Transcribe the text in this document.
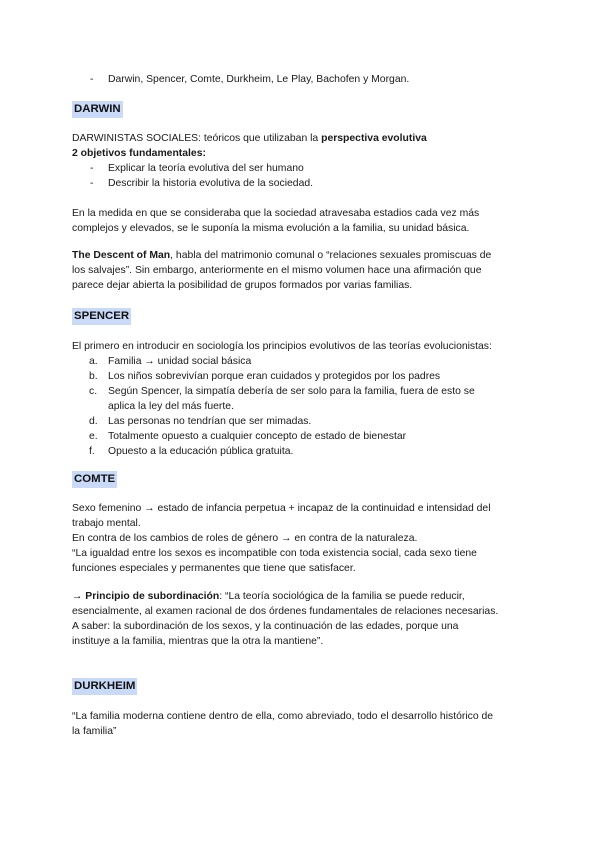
- Darwin, Spencer, Comte, Durkheim, Le Play, Bachofen y Morgan.

DARWIN

DARWINISTAS SOCIALES: teóricos que utilizaban la perspectiva evolutiva

2 objetivos fundamentales:

- Explicar la teoría evolutiva del ser humano

- Describir la historia evolutiva de la sociedad.

En la medida en que se consideraba que la sociedad atravesaba estadios cada vez más

complejos y elevados, se le suponía la misma evolución a la familia, su unidad básica.

The Descent of Man, habla del matrimonio comunal o “relaciones sexuales promiscuas de

los salvajes”. Sin embargo, anteriormente en el mismo volumen hace una afirmación que

parece dejar abierta la posibilidad de grupos formados por varias familias.

SPENCER

El primero en introducir en sociología los principios evolutivos de las teorías evolucionistas:

a. Familia → unidad social básica

b. Los niños sobrevivían porque eran cuidados y protegidos por los padres

c. Según Spencer, la simpatía debería de ser solo para la familia, fuera de esto se

aplica la ley del más fuerte.

d. Las personas no tendrían que ser mimadas.

e. Totalmente opuesto a cualquier concepto de estado de bienestar

f. Opuesto a la educación pública gratuita.

COMTE

Sexo femenino → estado de infancia perpetua + incapaz de la continuidad e intensidad del

trabajo mental.

En contra de los cambios de roles de género → en contra de la naturaleza.

“La igualdad entre los sexos es incompatible con toda existencia social, cada sexo tiene

funciones especiales y permanentes que tiene que satisfacer.

→ Principio de subordinación: “La teoría sociológica de la familia se puede reducir,

esencialmente, al examen racional de dos órdenes fundamentales de relaciones necesarias.

A saber: la subordinación de los sexos, y la continuación de las edades, porque una

instituye a la familia, mientras que la otra la mantiene”.

DURKHEIM

“La familia moderna contiene dentro de ella, como abreviado, todo el desarrollo histórico de

la familia”
